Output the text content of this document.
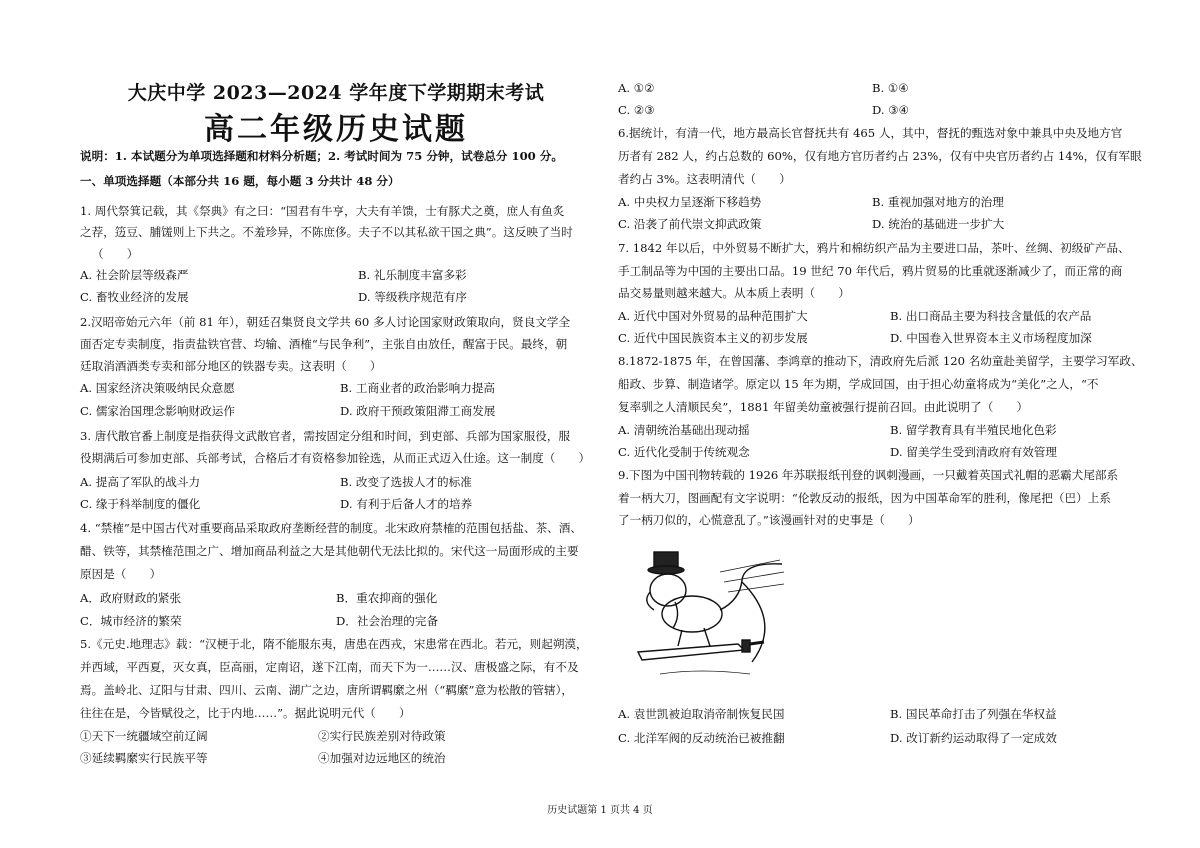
大庆中学 2023—2024 学年度下学期期末考试
高二年级历史试题
说明：1. 本试题分为单项选择题和材料分析题；2. 考试时间为 75 分钟，试卷总分 100 分。
一、单项选择题（本部分共 16 题，每小题 3 分共计 48 分）
1. 周代祭箕记载，其《祭典》有之曰：“国君有牛亨，大夫有羊馈，士有豚犬之奠，庶人有鱼炙
之荐，笾豆、脯馐则上下共之。不羞珍异，不陈庶侈。夫子不以其私欲干国之典”。这反映了当时
（　　）
A. 社会阶层等级森严	B. 礼乐制度丰富多彩
C. 畜牧业经济的发展	D. 等级秩序规范有序
2.汉昭帝始元六年（前 81 年），朝廷召集贤良文学共 60 多人讨论国家财政策取向，贤良文学全
面否定专卖制度，指责盐铁官营、均输、酒榷“与民争利”，主张自由放任，醒富于民。最终，朝
廷取消酒酒类专卖和部分地区的铁器专卖。这表明（　　）
A. 国家经济决策吸纳民众意愿	B. 工商业者的政治影响力提高
C. 儒家治国理念影响财政运作	D. 政府干预政策阻滞工商发展
3. 唐代散官番上制度是指获得文武散官者，需按固定分组和时间，到吏部、兵部为国家服役，服
役期满后可参加吏部、兵部考试，合格后才有资格参加铨选，从而正式迈入仕途。这一制度（　　）
A. 提高了军队的战斗力	B. 改变了选拔人才的标准
C. 缘于科举制度的僵化	D. 有利于后备人才的培养
4. “禁榷”是中国古代对重要商品采取政府垄断经营的制度。北宋政府禁榷的范围包括盐、茶、酒、
醋、铁等，其禁榷范围之广、增加商品利益之大是其他朝代无法比拟的。宋代这一局面形成的主要
原因是（　　）
A．政府财政的紧张	B．重农抑商的强化
C．城市经济的繁荣	D．社会治理的完备
5.《元史.地理志》载：“汉梗于北，隋不能服东夷，唐患在西戎，宋患常在西北。若元，则起朔漠，
并西域，平西夏，灭女真，臣高丽，定南诏，遂下江南，而天下为一……汉、唐极盛之际，有不及
焉。盖岭北、辽阳与甘肃、四川、云南、湖广之边，唐所谓羁縻之州（“羁縻”意为松散的管辖），
往往在是，今皆赋役之，比于内地……”。据此说明元代（　　）
①天下一统疆域空前辽阔	②实行民族差别对待政策
③延续羁縻实行民族平等	④加强对边远地区的统治
A. ①②	B. ①④
C. ②③	D. ③④
6.据统计，有清一代，地方最高长官督抚共有 465 人，其中，督抚的甄选对象中兼具中央及地方官
历者有 282 人，约占总数的 60%，仅有地方官历者约占 23%，仅有中央官历者约占 14%，仅有军眼
者约占 3%。这表明清代（　　）
A. 中央权力呈逐渐下移趋势	B. 重视加强对地方的治理
C. 沿袭了前代崇文抑武政策	D. 统治的基础进一步扩大
7. 1842 年以后，中外贸易不断扩大，鸦片和棉纺织产品为主要进口品，茶叶、丝绸、初级矿产品、
手工制品等为中国的主要出口品。19 世纪 70 年代后，鸦片贸易的比重就逐渐减少了，而正常的商
品交易量则越来越大。从本质上表明（　　）
A. 近代中国对外贸易的品种范围扩大	B. 出口商品主要为科技含量低的农产品
C. 近代中国民族资本主义的初步发展	D. 中国卷入世界资本主义市场程度加深
8.1872-1875 年，在曾国藩、李鸿章的推动下，清政府先后派 120 名幼童赴美留学，主要学习军政、
船政、步算、制造诸学。原定以 15 年为期，学成回国，由于担心幼童将成为“美化”之人，“不
复率驯之人清顺民矣”，1881 年留美幼童被强行提前召回。由此说明了（　　）
A. 清朝统治基础出现动摇	B. 留学教育具有半殖民地化色彩
C. 近代化受制于传统观念	D. 留美学生受到清政府有效管理
9.下图为中国刊物转载的 1926 年苏联报纸刊登的讽刺漫画，一只戴着英国式礼帽的恶霸犬尾部系
着一柄大刀，图画配有文字说明：“伦敦反动的报纸，因为中国革命军的胜利，像尾把（巴）上系
了一柄刀似的，心慌意乱了。”该漫画针对的史事是（　　）
A. 袁世凯被迫取消帝制恢复民国	B. 国民革命打击了列强在华权益
C. 北洋军阀的反动统治已被推翻	D. 改订新约运动取得了一定成效
历史试题第 1 页共 4 页
